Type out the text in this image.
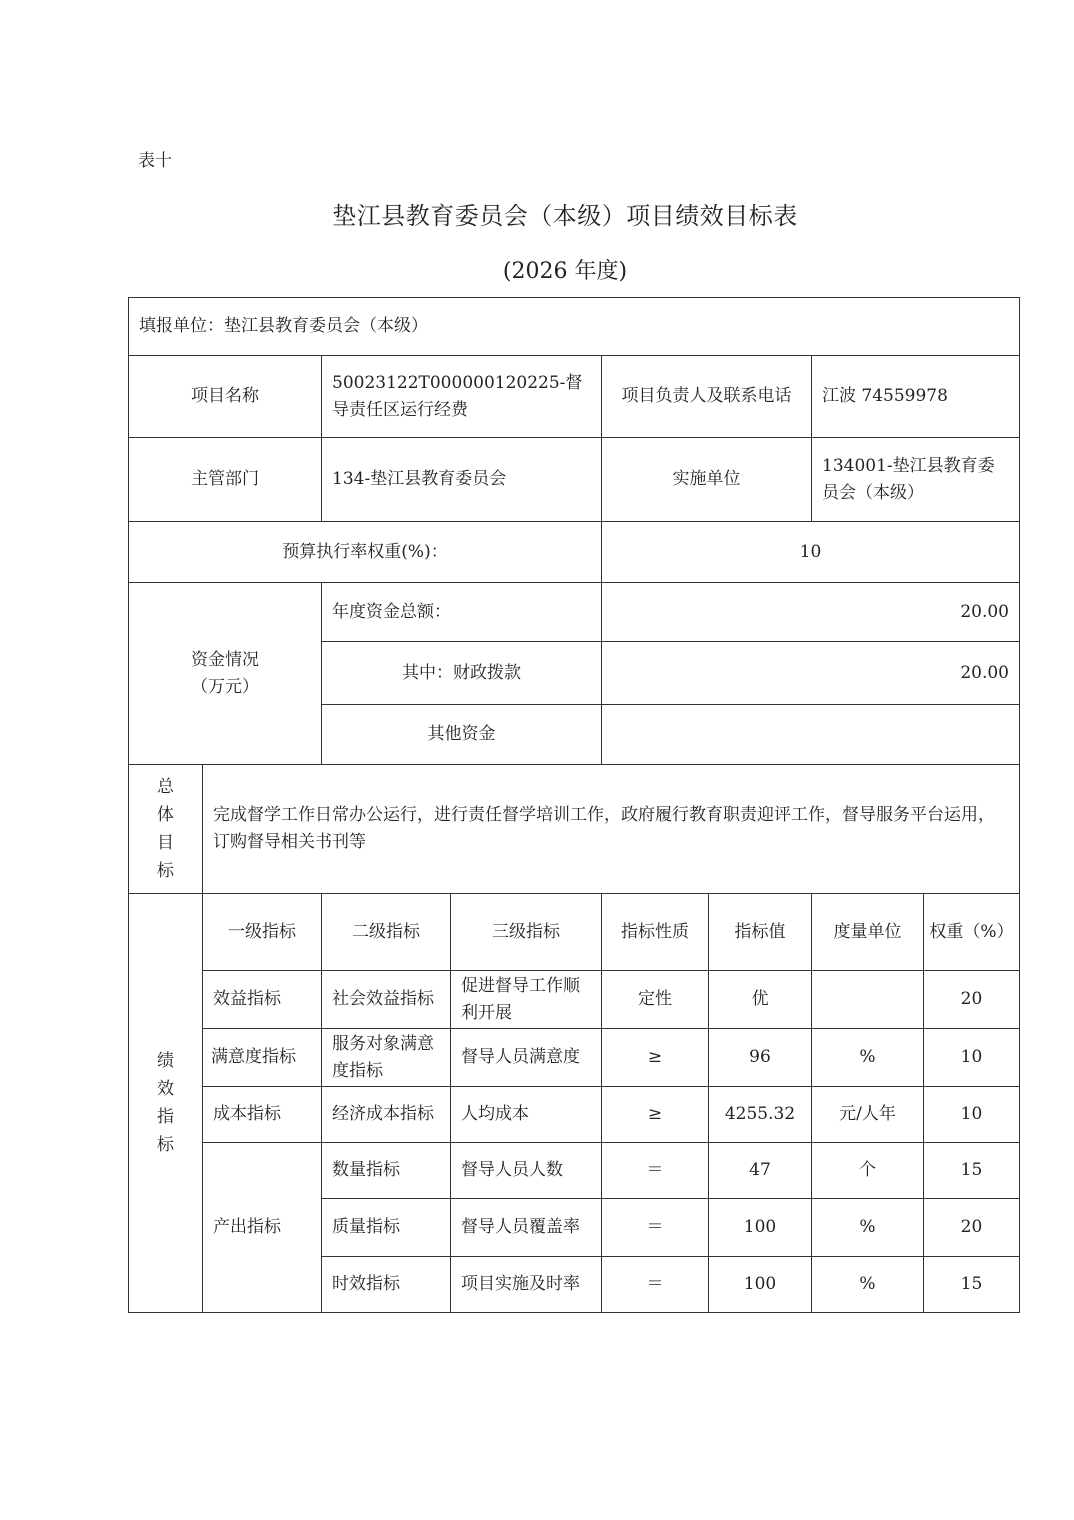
表十
垫江县教育委员会（本级）项目绩效目标表
(2026 年度)
填报单位：垫江县教育委员会（本级）							
项目名称		50023122T000000120225-督导责任区运行经费		项目负责人及联系电话		江波 74559978	
主管部门		134-垫江县教育委员会		实施单位		134001-垫江县教育委员会（本级）	
预算执行率权重(%)：				10			

资金情况
（万元）		年度资金总额：		20.00			
		其中：财政拨款		20.00			
		其他资金					

总
体
目
标	完成督学工作日常办公运行，进行责任督学培训工作，政府履行教育职责迎评工作，督导服务平台运用，订购督导相关书刊等						

绩
效
指
标	一级指标	二级指标	三级指标	指标性质	指标值	度量单位	权重（%）
	效益指标	社会效益指标	促进督导工作顺利开展	定性	优		20
	满意度指标	服务对象满意度指标	督导人员满意度	≥	96	%	10
	成本指标	经济成本指标	人均成本	≥	4255.32	元/人年	10
	产出指标	数量指标	督导人员人数	＝	47	个	15
		质量指标	督导人员覆盖率	＝	100	%	20
		时效指标	项目实施及时率	＝	100	%	15
